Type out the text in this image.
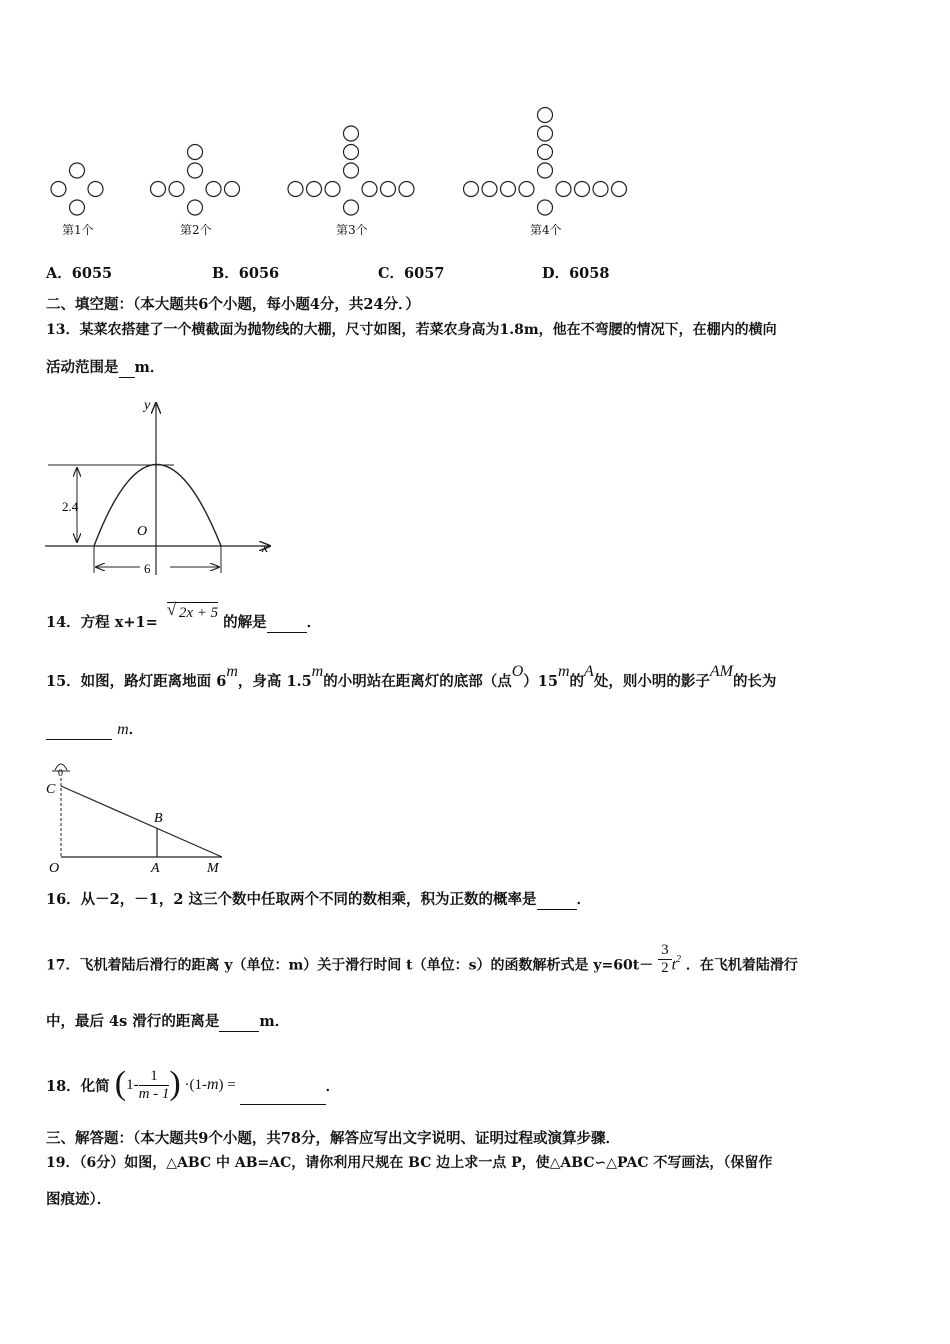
第1个	第2个	第3个	第4个
A．6055	B．6056	C．6057	D．6058
二、填空题：（本大题共6个小题，每小题4分，共24分．）
13．某菜农搭建了一个横截面为抛物线的大棚，尺寸如图，若菜农身高为1.8m，他在不弯腰的情况下，在棚内的横向
活动范围是 m．
y
x
O
2.4
6
14．方程 x+1=
√ 2x + 5 的解是	．
15．如图，路灯距离地面 6m，身高 1.5m的小明站在距离灯的底部（点O）15m的A处，则小明的影子AM的长为
m．
0
C
B
O	A	M
16．从－2，－1，2 这三个数中任取两个不同的数相乘，积为正数的概率是	．
17．飞机着陆后滑行的距离 y（单位：m）关于滑行时间 t（单位：s）的函数解析式是 $y=60t- \frac{3}{2} t^2$ ．在飞机着陆滑行
中，最后 4s 滑行的距离是	m．
18．化简 ($1- \frac{1}{m - 1}$ ) ·(1-m) =	．
三、解答题：（本大题共9个小题，共78分，解答应写出文字说明、证明过程或演算步骤．
19．（6分）如图，△ABC 中 AB=AC，请你利用尺规在 BC 边上求一点 P，使△ABC∽△PAC 不写画法，（保留作
图痕迹）．
